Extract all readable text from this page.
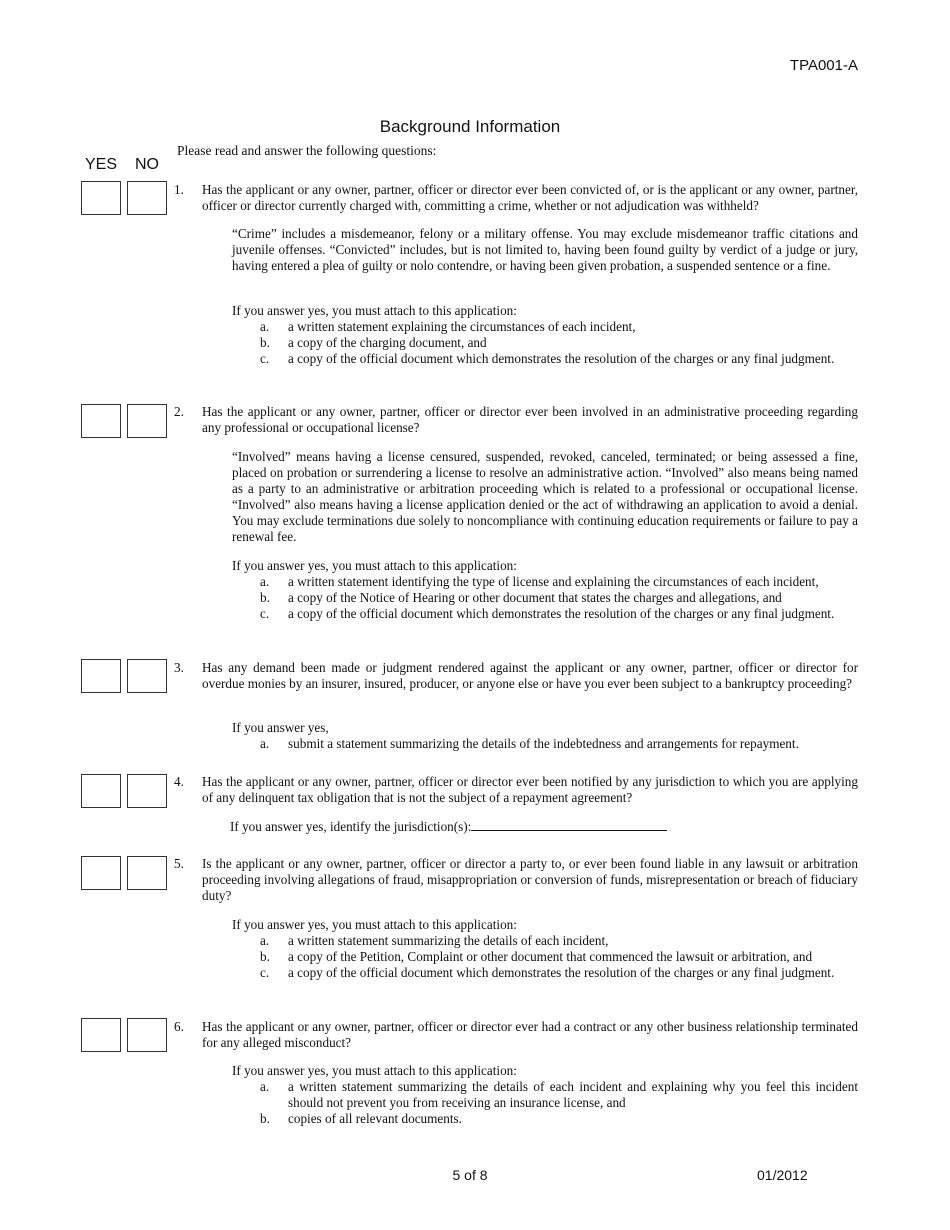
TPA001-A
Background Information
Please read and answer the following questions:
YES NO
1.	Has the applicant or any owner, partner, officer or director ever been convicted of, or is the applicant or any owner, partner, officer or director currently charged with, committing a crime, whether or not adjudication was withheld?
“Crime” includes a misdemeanor, felony or a military offense. You may exclude misdemeanor traffic citations and juvenile offenses. “Convicted” includes, but is not limited to, having been found guilty by verdict of a judge or jury, having entered a plea of guilty or nolo contendre, or having been given probation, a suspended sentence or a fine.
If you answer yes, you must attach to this application:
a. a written statement explaining the circumstances of each incident,
b. a copy of the charging document, and
c. a copy of the official document which demonstrates the resolution of the charges or any final judgment.
2.	Has the applicant or any owner, partner, officer or director ever been involved in an administrative proceeding regarding any professional or occupational license?
“Involved” means having a license censured, suspended, revoked, canceled, terminated; or being assessed a fine, placed on probation or surrendering a license to resolve an administrative action. “Involved” also means being named as a party to an administrative or arbitration proceeding which is related to a professional or occupational license. “Involved” also means having a license application denied or the act of withdrawing an application to avoid a denial. You may exclude terminations due solely to noncompliance with continuing education requirements or failure to pay a renewal fee.
If you answer yes, you must attach to this application:
a. a written statement identifying the type of license and explaining the circumstances of each incident,
b. a copy of the Notice of Hearing or other document that states the charges and allegations, and
c. a copy of the official document which demonstrates the resolution of the charges or any final judgment.
3.	Has any demand been made or judgment rendered against the applicant or any owner, partner, officer or director for overdue monies by an insurer, insured, producer, or anyone else or have you ever been subject to a bankruptcy proceeding?
If you answer yes,
a. submit a statement summarizing the details of the indebtedness and arrangements for repayment.
4.	Has the applicant or any owner, partner, officer or director ever been notified by any jurisdiction to which you are applying of any delinquent tax obligation that is not the subject of a repayment agreement?
If you answer yes, identify the jurisdiction(s):
5.	Is the applicant or any owner, partner, officer or director a party to, or ever been found liable in any lawsuit or arbitration proceeding involving allegations of fraud, misappropriation or conversion of funds, misrepresentation or breach of fiduciary duty?
If you answer yes, you must attach to this application:
a. a written statement summarizing the details of each incident,
b. a copy of the Petition, Complaint or other document that commenced the lawsuit or arbitration, and
c. a copy of the official document which demonstrates the resolution of the charges or any final judgment.
6.	Has the applicant or any owner, partner, officer or director ever had a contract or any other business relationship terminated for any alleged misconduct?
If you answer yes, you must attach to this application:
a. a written statement summarizing the details of each incident and explaining why you feel this incident should not prevent you from receiving an insurance license, and
b. copies of all relevant documents.
5 of 8	01/2012
